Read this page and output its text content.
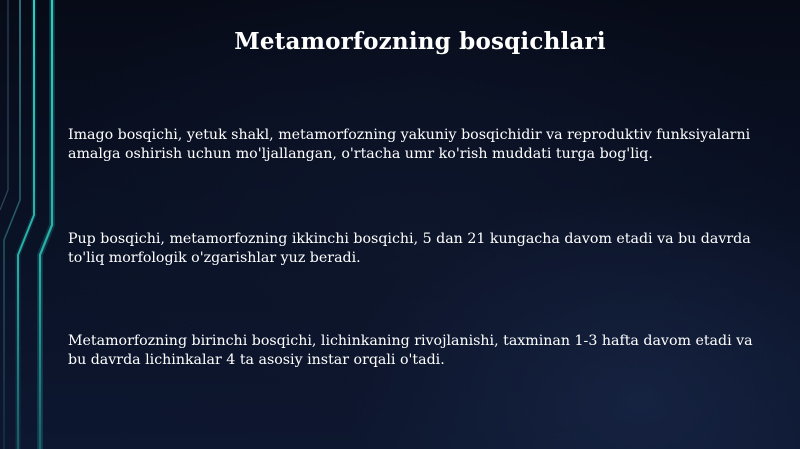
Metamorfozning bosqichlari

Imago bosqichi, yetuk shakl, metamorfozning yakuniy bosqichidir va reproduktiv funksiyalarni amalga oshirish uchun mo'ljallangan, o'rtacha umr ko'rish muddati turga bog'liq.

Pup bosqichi, metamorfozning ikkinchi bosqichi, 5 dan 21 kungacha davom etadi va bu davrda to'liq morfologik o'zgarishlar yuz beradi.

Metamorfozning birinchi bosqichi, lichinkaning rivojlanishi, taxminan 1-3 hafta davom etadi va bu davrda lichinkalar 4 ta asosiy instar orqali o'tadi.
